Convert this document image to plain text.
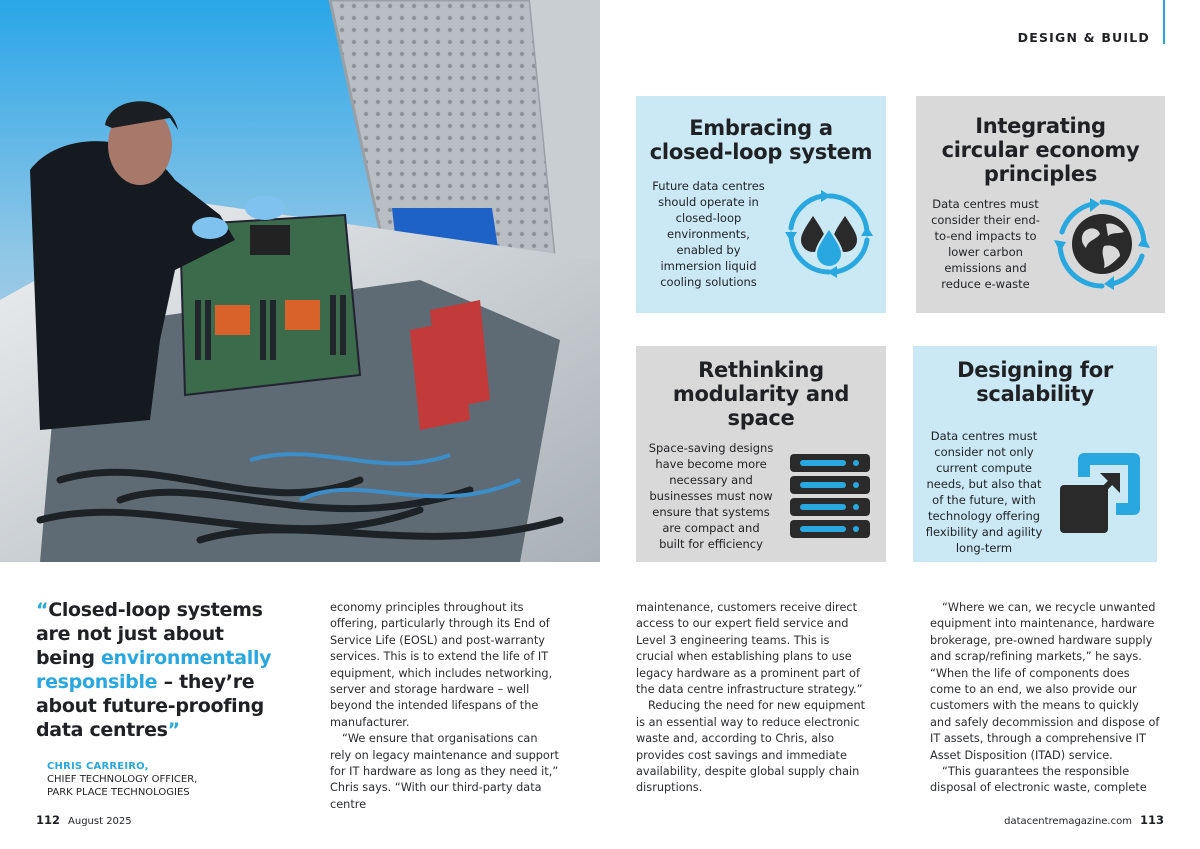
DESIGN & BUILD
Embracing a closed-loop system

Future data centres should operate in closed-loop environments, enabled by immersion liquid cooling solutions

Integrating circular economy principles

Data centres must consider their end-to-end impacts to lower carbon emissions and reduce e-waste

Rethinking modularity and space

Space-saving designs have become more necessary and businesses must now ensure that systems are compact and built for efficiency

Designing for scalability

Data centres must consider not only current compute needs, but also that of the future, with technology offering flexibility and agility long-term

“Closed-loop systems are not just about being environmentally responsible – they’re about future-proofing data centres”
CHRIS CARREIRO,
CHIEF TECHNOLOGY OFFICER,
PARK PLACE TECHNOLOGIES

economy principles throughout its offering, particularly through its End of Service Life (EOSL) and post-warranty services. This is to extend the life of IT equipment, which includes networking, server and storage hardware – well beyond the intended lifespans of the manufacturer.

“We ensure that organisations can rely on legacy maintenance and support for IT hardware as long as they need it,” Chris says. “With our third-party data centre

maintenance, customers receive direct access to our expert field service and Level 3 engineering teams. This is crucial when establishing plans to use legacy hardware as a prominent part of the data centre infrastructure strategy.”

Reducing the need for new equipment is an essential way to reduce electronic waste and, according to Chris, also provides cost savings and immediate availability, despite global supply chain disruptions.

“Where we can, we recycle unwanted equipment into maintenance, hardware brokerage, pre-owned hardware supply and scrap/refining markets,” he says. “When the life of components does come to an end, we also provide our customers with the means to quickly and safely decommission and dispose of IT assets, through a comprehensive IT Asset Disposition (ITAD) service.

“This guarantees the responsible disposal of electronic waste, complete

112 August 2025	datacentremagazine.com 113
